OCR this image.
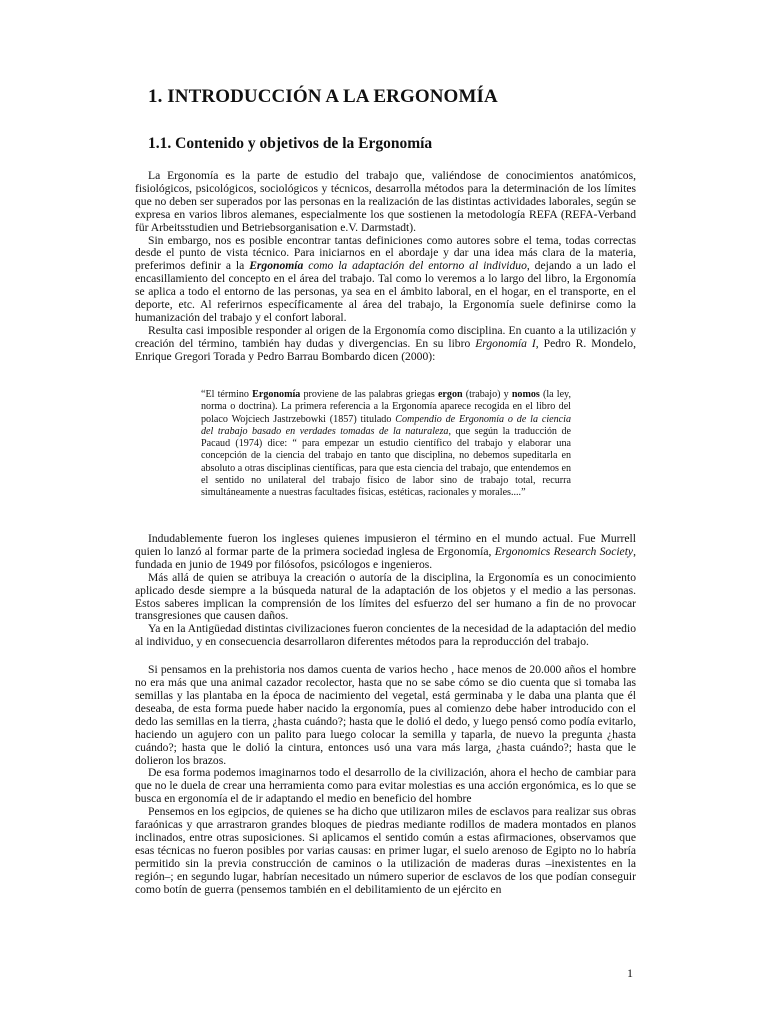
1. INTRODUCCIÓN A LA ERGONOMÍA
1.1. Contenido y objetivos de la Ergonomía

La Ergonomía es la parte de estudio del trabajo que, valiéndose de conocimientos anatómicos, fisiológicos, psicológicos, sociológicos y técnicos, desarrolla métodos para la determinación de los límites que no deben ser superados por las personas en la realización de las distintas actividades laborales, según se expresa en varios libros alemanes, especialmente los que sostienen la metodología REFA (REFA-Verband für Arbeitsstudien und Betriebsorganisation e.V. Darmstadt).

Sin embargo, nos es posible encontrar tantas definiciones como autores sobre el tema, todas correctas desde el punto de vista técnico. Para iniciarnos en el abordaje y dar una idea más clara de la materia, preferimos definir a la Ergonomía como la adaptación del entorno al individuo, dejando a un lado el encasillamiento del concepto en el área del trabajo. Tal como lo veremos a lo largo del libro, la Ergonomía se aplica a todo el entorno de las personas, ya sea en el ámbito laboral, en el hogar, en el transporte, en el deporte, etc. Al referirnos específicamente al área del trabajo, la Ergonomía suele definirse como la humanización del trabajo y el confort laboral.

Resulta casi imposible responder al origen de la Ergonomía como disciplina. En cuanto a la utilización y creación del término, también hay dudas y divergencias. En su libro Ergonomía I, Pedro R. Mondelo, Enrique Gregori Torada y Pedro Barrau Bombardo dicen (2000):

“El término Ergonomía proviene de las palabras griegas ergon (trabajo) y nomos (la ley, norma o doctrina). La primera referencia a la Ergonomía aparece recogida en el libro del polaco Wojciech Jastrzebowki (1857) titulado Compendio de Ergonomía o de la ciencia del trabajo basado en verdades tomadas de la naturaleza, que según la traducción de Pacaud (1974) dice: “ para empezar un estudio científico del trabajo y elaborar una concepción de la ciencia del trabajo en tanto que disciplina, no debemos supeditarla en absoluto a otras disciplinas científicas, para que esta ciencia del trabajo, que entendemos en el sentido no unilateral del trabajo físico de labor sino de trabajo total, recurra simultáneamente a nuestras facultades físicas, estéticas, racionales y morales....”

Indudablemente fueron los ingleses quienes impusieron el término en el mundo actual. Fue Murrell quien lo lanzó al formar parte de la primera sociedad inglesa de Ergonomía, Ergonomics Research Society, fundada en junio de 1949 por filósofos, psicólogos e ingenieros.

Más allá de quien se atribuya la creación o autoría de la disciplina, la Ergonomía es un conocimiento aplicado desde siempre a la búsqueda natural de la adaptación de los objetos y el medio a las personas. Estos saberes implican la comprensión de los límites del esfuerzo del ser humano a fin de no provocar transgresiones que causen daños.

Ya en la Antigüedad distintas civilizaciones fueron concientes de la necesidad de la adaptación del medio al individuo, y en consecuencia desarrollaron diferentes métodos para la reproducción del trabajo.

Si pensamos en la prehistoria nos damos cuenta de varios hecho , hace menos de 20.000 años el hombre no era más que una animal cazador recolector, hasta que no se sabe cómo se dio cuenta que si tomaba las semillas y las plantaba en la época de nacimiento del vegetal, está germinaba y le daba una planta que él deseaba, de esta forma puede haber nacido la ergonomía, pues al comienzo debe haber introducido con el dedo las semillas en la tierra, ¿hasta cuándo?; hasta que le dolió el dedo, y luego pensó como podía evitarlo, haciendo un agujero con un palito para luego colocar la semilla y taparla, de nuevo la pregunta ¿hasta cuándo?; hasta que le dolió la cintura, entonces usó una vara más larga, ¿hasta cuándo?; hasta que le dolieron los brazos.

De esa forma podemos imaginarnos todo el desarrollo de la civilización, ahora el hecho de cambiar para que no le duela de crear una herramienta como para evitar molestias es una acción ergonómica, es lo que se busca en ergonomía el de ir adaptando el medio en beneficio del hombre

Pensemos en los egipcios, de quienes se ha dicho que utilizaron miles de esclavos para realizar sus obras faraónicas y que arrastraron grandes bloques de piedras mediante rodillos de madera montados en planos inclinados, entre otras suposiciones. Si aplicamos el sentido común a estas afirmaciones, observamos que esas técnicas no fueron posibles por varias causas: en primer lugar, el suelo arenoso de Egipto no lo habría permitido sin la previa construcción de caminos o la utilización de maderas duras –inexistentes en la región–; en segundo lugar, habrían necesitado un número superior de esclavos de los que podían conseguir como botín de guerra (pensemos también en el debilitamiento de un ejército en

1
